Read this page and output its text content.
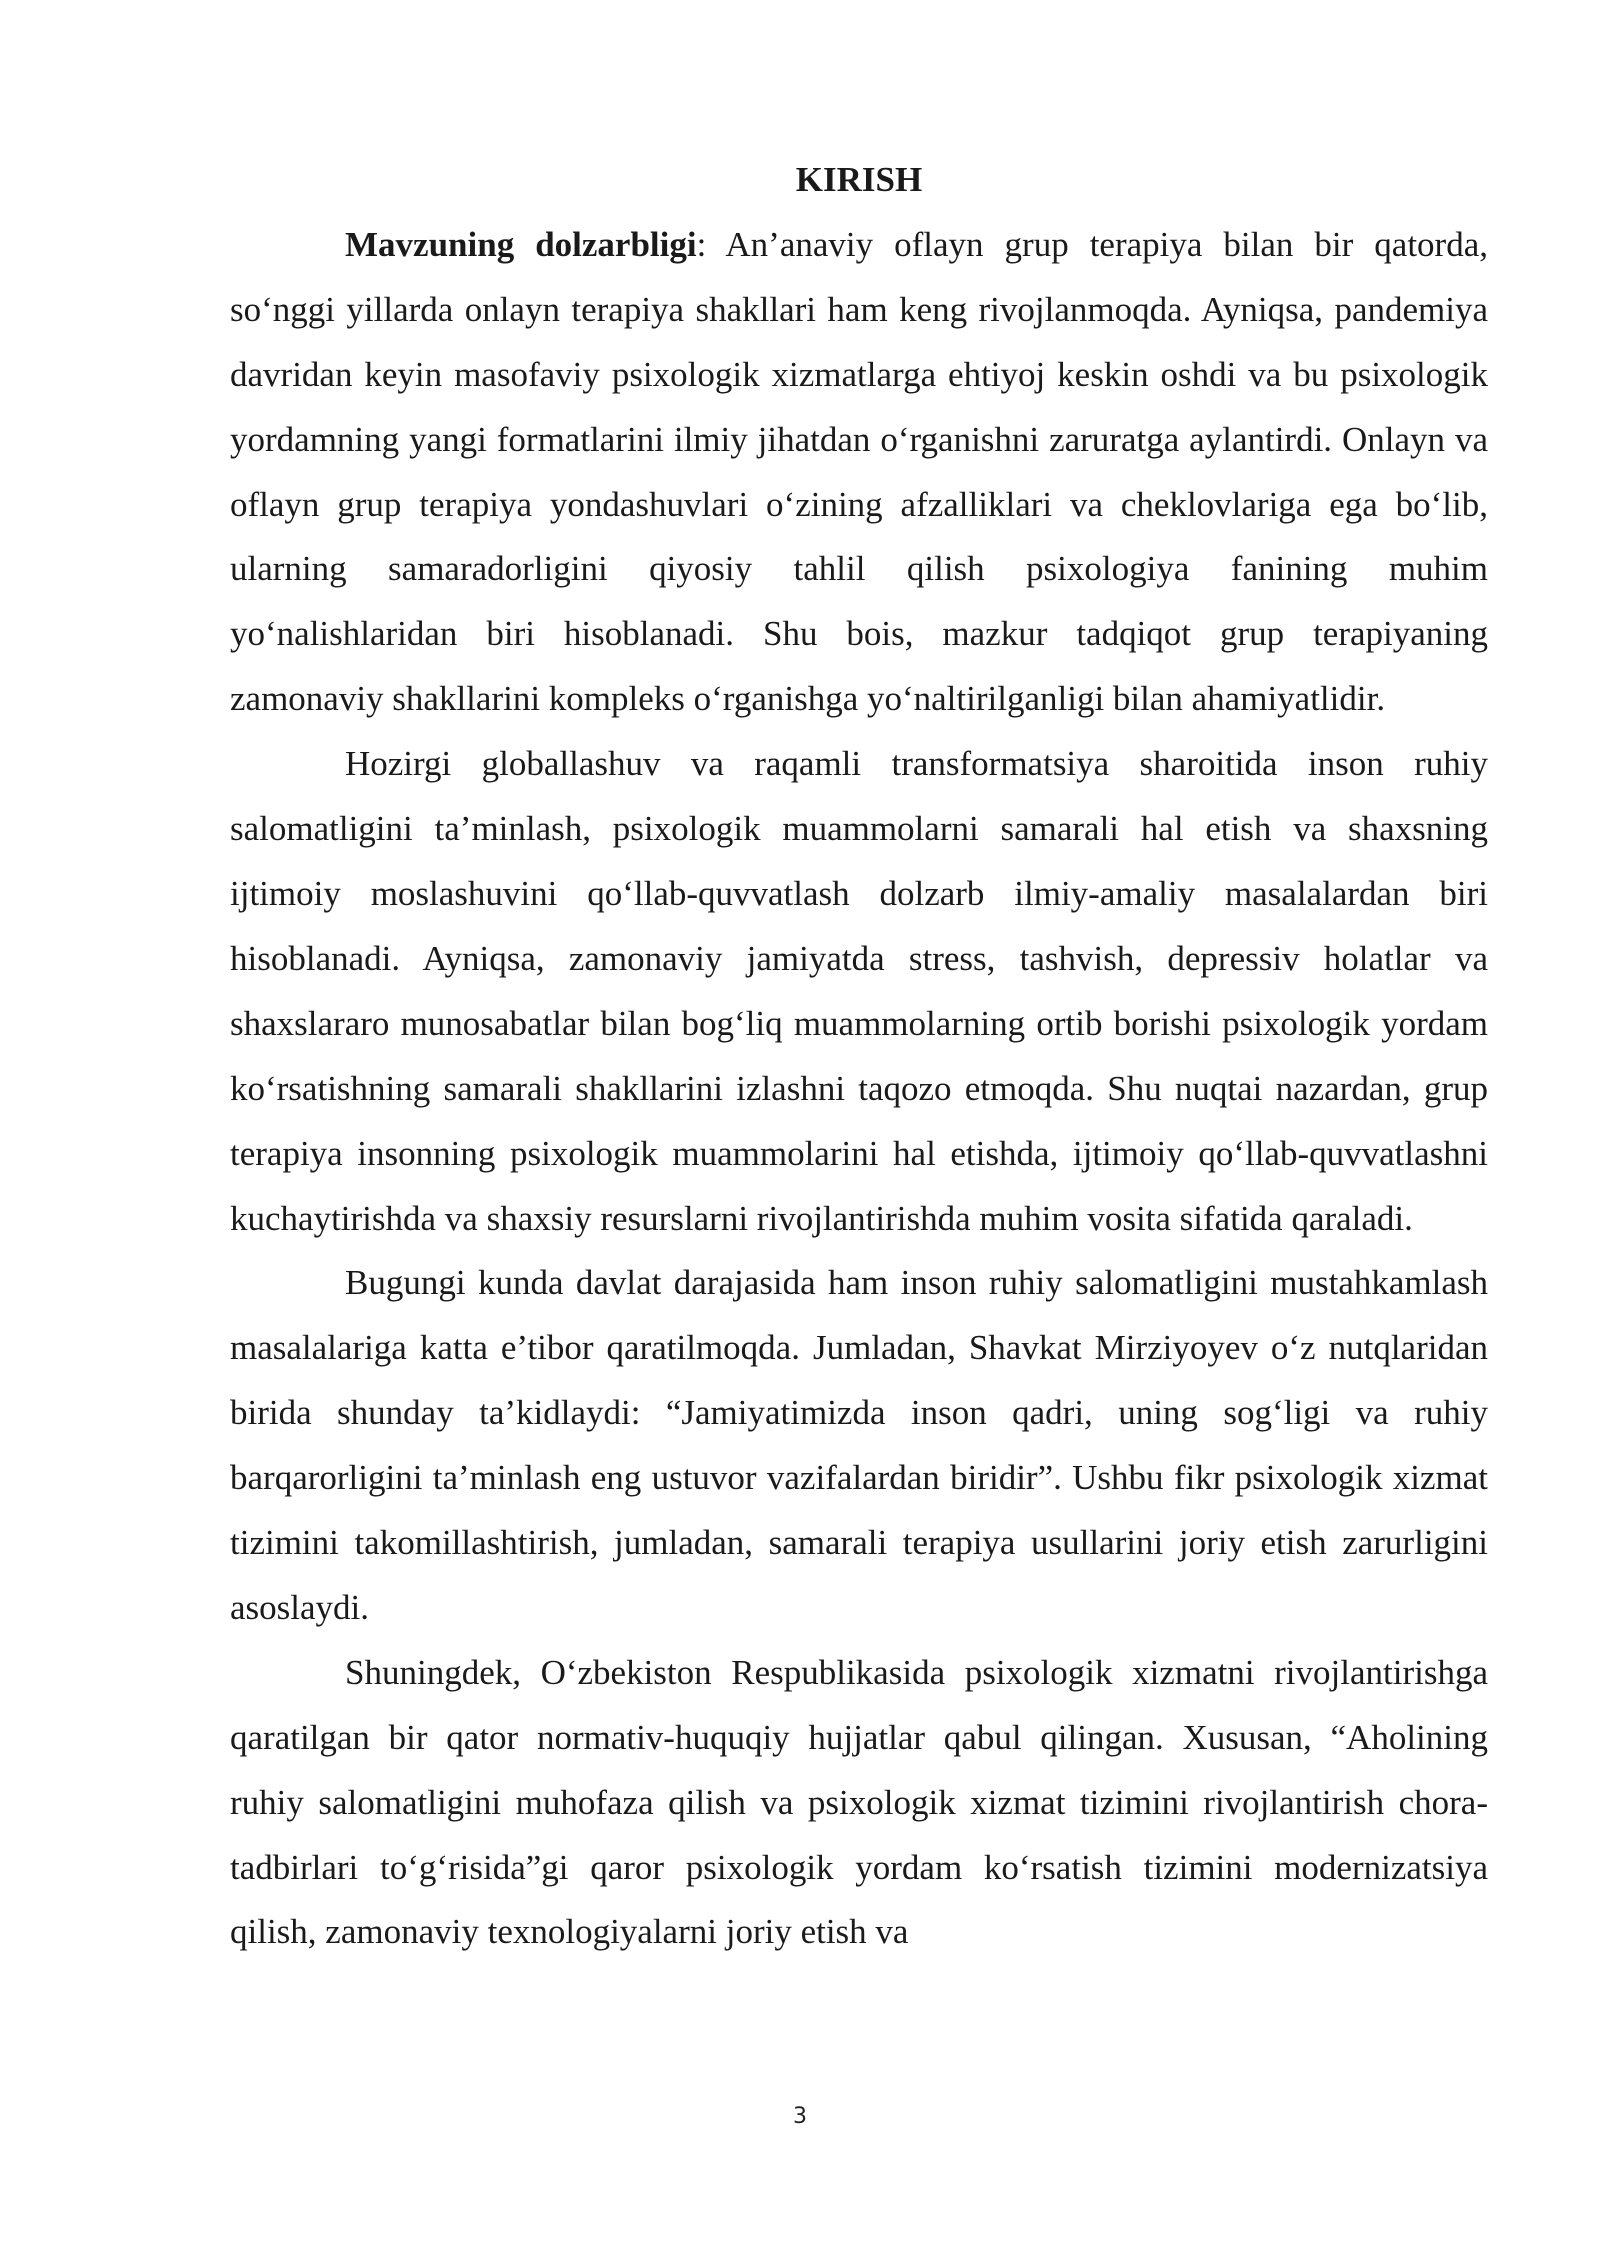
KIRISH

Mavzuning dolzarbligi: An’anaviy oflayn grup terapiya bilan bir qatorda, so‘nggi yillarda onlayn terapiya shakllari ham keng rivojlanmoqda. Ayniqsa, pandemiya davridan keyin masofaviy psixologik xizmatlarga ehtiyoj keskin oshdi va bu psixologik yordamning yangi formatlarini ilmiy jihatdan o‘rganishni zaruratga aylantirdi. Onlayn va oflayn grup terapiya yondashuvlari o‘zining afzalliklari va cheklovlariga ega bo‘lib, ularning samaradorligini qiyosiy tahlil qilish psixologiya fanining muhim yo‘nalishlaridan biri hisoblanadi. Shu bois, mazkur tadqiqot grup terapiyaning zamonaviy shakllarini kompleks o‘rganishga yo‘naltirilganligi bilan ahamiyatlidir.

Hozirgi globallashuv va raqamli transformatsiya sharoitida inson ruhiy salomatligini ta’minlash, psixologik muammolarni samarali hal etish va shaxsning ijtimoiy moslashuvini qo‘llab-quvvatlash dolzarb ilmiy-amaliy masalalardan biri hisoblanadi. Ayniqsa, zamonaviy jamiyatda stress, tashvish, depressiv holatlar va shaxslararo munosabatlar bilan bog‘liq muammolarning ortib borishi psixologik yordam ko‘rsatishning samarali shakllarini izlashni taqozo etmoqda. Shu nuqtai nazardan, grup terapiya insonning psixologik muammolarini hal etishda, ijtimoiy qo‘llab-quvvatlashni kuchaytirishda va shaxsiy resurslarni rivojlantirishda muhim vosita sifatida qaraladi.

Bugungi kunda davlat darajasida ham inson ruhiy salomatligini mustahkamlash masalalariga katta e’tibor qaratilmoqda. Jumladan, Shavkat Mirziyoyev o‘z nutqlaridan birida shunday ta’kidlaydi: “Jamiyatimizda inson qadri, uning sog‘ligi va ruhiy barqarorligini ta’minlash eng ustuvor vazifalardan biridir”. Ushbu fikr psixologik xizmat tizimini takomillashtirish, jumladan, samarali terapiya usullarini joriy etish zarurligini asoslaydi.

Shuningdek, O‘zbekiston Respublikasida psixologik xizmatni rivojlantirishga qaratilgan bir qator normativ-huquqiy hujjatlar qabul qilingan. Xususan, “Aholining ruhiy salomatligini muhofaza qilish va psixologik xizmat tizimini rivojlantirish chora-tadbirlari to‘g‘risida”gi qaror psixologik yordam ko‘rsatish tizimini modernizatsiya qilish, zamonaviy texnologiyalarni joriy etish va

3
